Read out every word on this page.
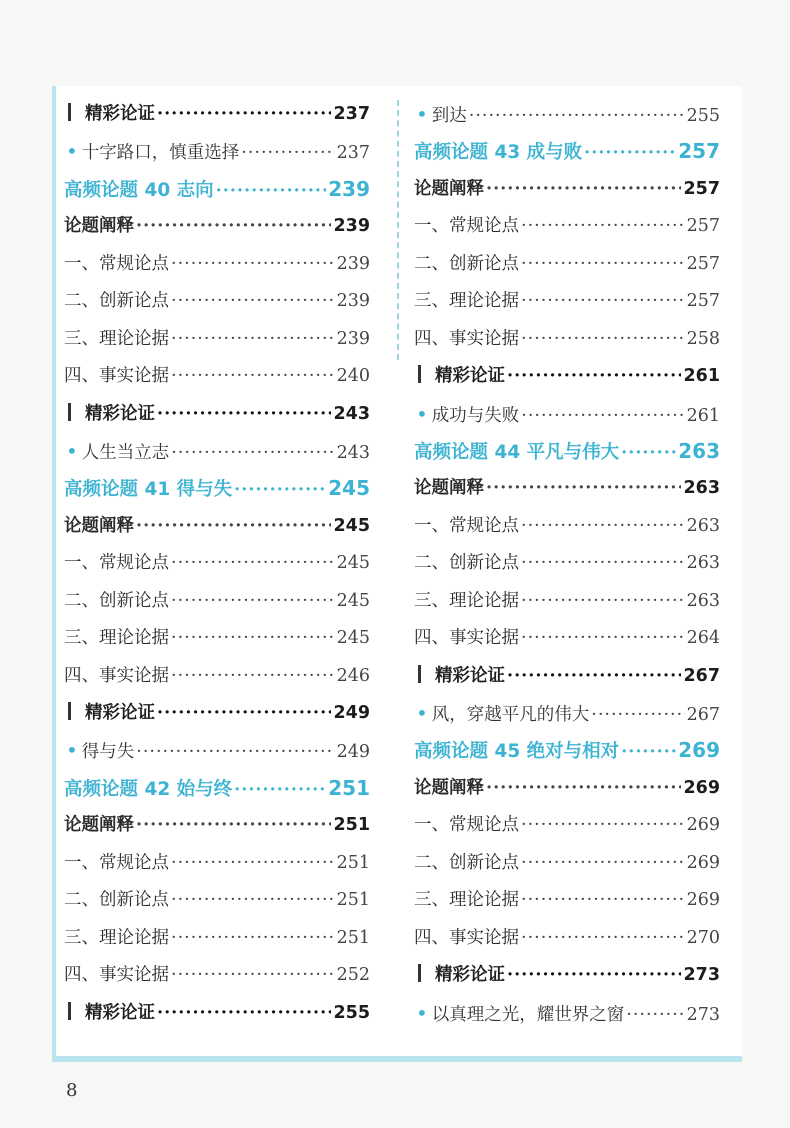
精彩论证 ·····	237
• 十字路口，慎重选择 ·····	237
高频论题 40 志向 ·····	239
论题阐释 ·····	239
一、常规论点 ·····	239
二、创新论点 ·····	239
三、理论论据 ·····	239
四、事实论据 ·····	240
精彩论证 ·····	243
• 人生当立志 ·····	243
高频论题 41 得与失 ·····	245
论题阐释 ·····	245
一、常规论点 ·····	245
二、创新论点 ·····	245
三、理论论据 ·····	245
四、事实论据 ·····	246
精彩论证 ·····	249
• 得与失 ·····	249
高频论题 42 始与终 ·····	251
论题阐释 ·····	251
一、常规论点 ·····	251
二、创新论点 ·····	251
三、理论论据 ·····	251
四、事实论据 ·····	252
精彩论证 ·····	255
• 到达 ·····	255
高频论题 43 成与败 ·····	257
论题阐释 ·····	257
一、常规论点 ·····	257
二、创新论点 ·····	257
三、理论论据 ·····	257
四、事实论据 ·····	258
精彩论证 ·····	261
• 成功与失败 ·····	261
高频论题 44 平凡与伟大 ·····	263
论题阐释 ·····	263
一、常规论点 ·····	263
二、创新论点 ·····	263
三、理论论据 ·····	263
四、事实论据 ·····	264
精彩论证 ·····	267
• 风，穿越平凡的伟大 ·····	267
高频论题 45 绝对与相对 ·····	269
论题阐释 ·····	269
一、常规论点 ·····	269
二、创新论点 ·····	269
三、理论论据 ·····	269
四、事实论据 ·····	270
精彩论证 ·····	273
• 以真理之光，耀世界之窗 ·····	273
8
